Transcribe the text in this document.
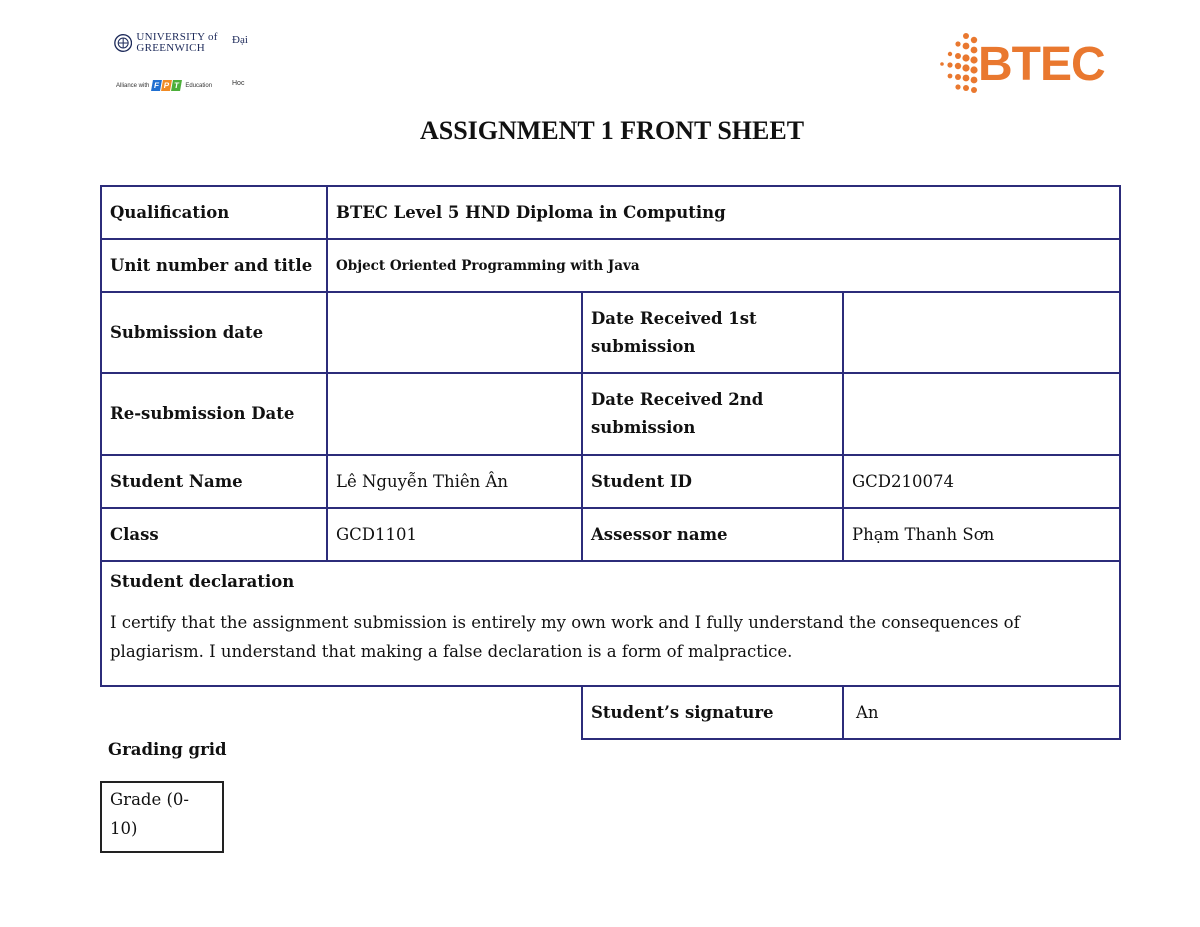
UNIVERSITY of GREENWICH
Đại
Alliance with F P T Education	Hoc	BTEC
ASSIGNMENT 1 FRONT SHEET
Qualification	BTEC Level 5 HND Diploma in Computing		
Unit number and title	Object Oriented Programming with Java		
Submission date		Date Received 1st submission	
Re-submission Date		Date Received 2nd submission	
Student Name	Lê Nguyễn Thiên Ân	Student ID	GCD210074
Class	GCD1101	Assessor name	Phạm Thanh Sơn

Student declaration
I certify that the assignment submission is entirely my own work and I fully understand the consequences of plagiarism. I understand that making a false declaration is a form of malpractice.			

		Student’s signature	An
Grading grid
Grade (0-10)
